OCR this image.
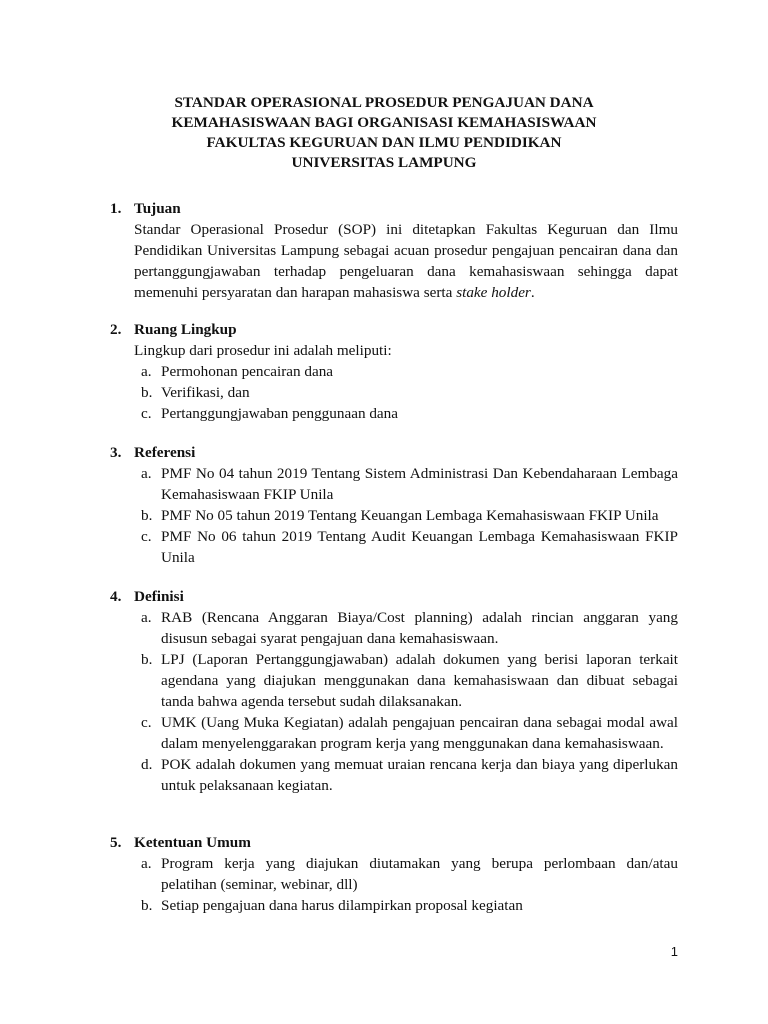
STANDAR OPERASIONAL PROSEDUR PENGAJUAN DANA
KEMAHASISWAAN BAGI ORGANISASI KEMAHASISWAAN
FAKULTAS KEGURUAN DAN ILMU PENDIDIKAN
UNIVERSITAS LAMPUNG
1. Tujuan
Standar Operasional Prosedur (SOP) ini ditetapkan Fakultas Keguruan dan Ilmu Pendidikan Universitas Lampung sebagai acuan prosedur pengajuan pencairan dana dan pertanggungjawaban terhadap pengeluaran dana kemahasiswaan sehingga dapat memenuhi persyaratan dan harapan mahasiswa serta stake holder.
2. Ruang Lingkup
Lingkup dari prosedur ini adalah meliputi:
a. Permohonan pencairan dana
b. Verifikasi, dan
c. Pertanggungjawaban penggunaan dana
3. Referensi
a. PMF No 04 tahun 2019 Tentang Sistem Administrasi Dan Kebendaharaan Lembaga Kemahasiswaan FKIP Unila
b. PMF No 05 tahun 2019 Tentang Keuangan Lembaga Kemahasiswaan FKIP Unila
c. PMF No 06 tahun 2019 Tentang Audit Keuangan Lembaga Kemahasiswaan FKIP Unila
4. Definisi
a. RAB (Rencana Anggaran Biaya/Cost planning) adalah rincian anggaran yang disusun sebagai syarat pengajuan dana kemahasiswaan.
b. LPJ (Laporan Pertanggungjawaban) adalah dokumen yang berisi laporan terkait agendana yang diajukan menggunakan dana kemahasiswaan dan dibuat sebagai tanda bahwa agenda tersebut sudah dilaksanakan.
c. UMK (Uang Muka Kegiatan) adalah pengajuan pencairan dana sebagai modal awal dalam menyelenggarakan program kerja yang menggunakan dana kemahasiswaan.
d. POK adalah dokumen yang memuat uraian rencana kerja dan biaya yang diperlukan untuk pelaksanaan kegiatan.
5. Ketentuan Umum
a. Program kerja yang diajukan diutamakan yang berupa perlombaan dan/atau pelatihan (seminar, webinar, dll)
b. Setiap pengajuan dana harus dilampirkan proposal kegiatan
1
